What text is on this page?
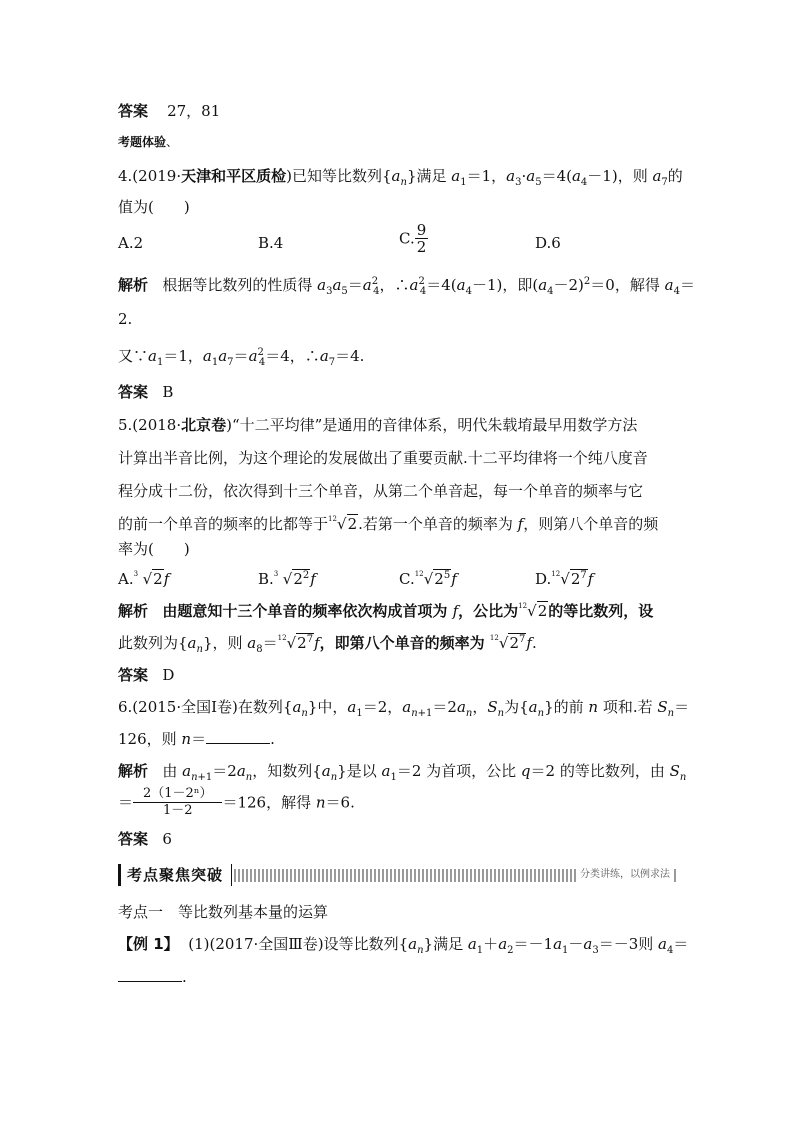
答案 27，81
考题体验、
4.(2019·天津和平区质检)已知等比数列$\{a_n\}$满足 $a_1=1$，$a_3\cdot a_5=4(a_4-1)$，则 $a_7$的
值为(　　)
A.2	B.4	C. $\frac{9}{2}$	D.6
解析 根据等比数列的性质得 $a_3a_5=a^2_4$，$\therefore a^2_4=4(a_4-1)$，即$(a_4-2)^2=0$，解得 $a_4=$
2.
又$\because a_1=1$，$a_1a_7=a^2_4=4$，$\therefore a_7=4$.
答案 B
5.(2018·北京卷)“十二平均律”是通用的音律体系，明代朱载堉最早用数学方法
计算出半音比例，为这个理论的发展做出了重要贡献.十二平均律将一个纯八度音
程分成十二份，依次得到十三个单音，从第二个单音起，每一个单音的频率与它
的前一个单音的频率的比都等于 12 √2.若第一个单音的频率为 f，则第八个单音的频
率为(　　)
A. 3 √2f	B. 3 $√2^2f$	C. 12 $√2^5f$	D. 12 $√2^7f$
解析 由题意知十三个单音的频率依次构成首项为 f，公比为 12 √2的等比数列，设
此数列为$\{a_n\}$，则 $a_8= 12$ $√2^7f$，即第八个单音的频率为 12 $√2^7f$.
答案 D
6.(2015·全国Ⅰ卷)在数列$\{a_n\}$中，$a_1=2$，$a_{n+1}=2a_n$，$S_n$为$\{a_n\}$的前 n 项和.若 $S_n=$
126，则 n＝	.
解析 由 $a_{n+1}=2a_n$，知数列$\{a_n\}$是以 $a_1=2$ 为首项，公比 q＝2 的等比数列，由 $S_n$
＝ $\frac{\text{2（1－2ⁿ）}}{1-2} =126$，解得 n＝6.
答案 6
考点聚焦突破	分类讲练，以例求法
考点一　等比数列基本量的运算
【例 1】 (1)(2017·全国Ⅲ卷)设等比数列$\{a_n\}$满足 $a_1+a_2=-1a_1-a_3=-3$则 $a_4=$
.
